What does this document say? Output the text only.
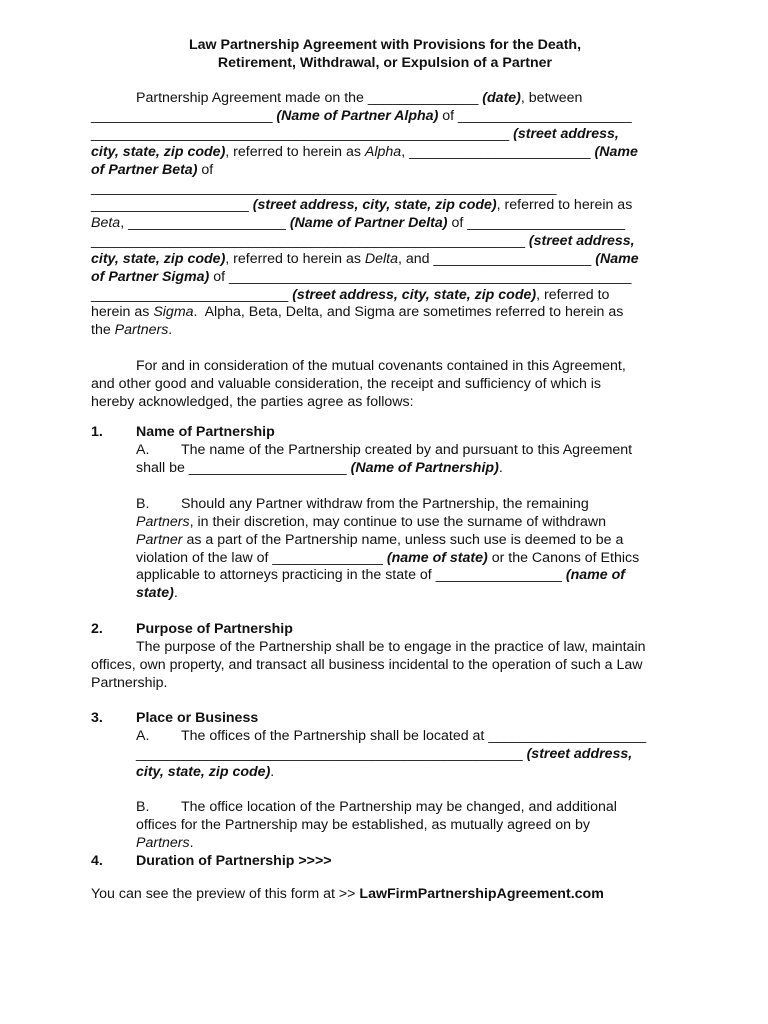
Law Partnership Agreement with Provisions for the Death,
Retirement, Withdrawal, or Expulsion of a Partner
Partnership Agreement made on the ______________ (date), between
_______________________ (Name of Partner Alpha) of ______________________
_____________________________________________________ (street address,
city, state, zip code), referred to herein as Alpha, _______________________ (Name
of Partner Beta) of
___________________________________________________________
____________________ (street address, city, state, zip code), referred to herein as
Beta, ____________________ (Name of Partner Delta) of ____________________
_______________________________________________________ (street address,
city, state, zip code), referred to herein as Delta, and ____________________ (Name
of Partner Sigma) of ___________________________________________________
_________________________ (street address, city, state, zip code), referred to
herein as Sigma.  Alpha, Beta, Delta, and Sigma are sometimes referred to herein as
the Partners.
For and in consideration of the mutual covenants contained in this Agreement,
and other good and valuable consideration, the receipt and sufficiency of which is
hereby acknowledged, the parties agree as follows:
1. Name of Partnership
A. The name of the Partnership created by and pursuant to this Agreement
shall be ____________________ (Name of Partnership).
B. Should any Partner withdraw from the Partnership, the remaining
Partners, in their discretion, may continue to use the surname of withdrawn
Partner as a part of the Partnership name, unless such use is deemed to be a
violation of the law of ______________ (name of state) or the Canons of Ethics
applicable to attorneys practicing in the state of ________________ (name of
state).
2. Purpose of Partnership
The purpose of the Partnership shall be to engage in the practice of law, maintain
offices, own property, and transact all business incidental to the operation of such a Law
Partnership.
3. Place or Business
A. The offices of the Partnership shall be located at ____________________
_________________________________________________ (street address,
city, state, zip code).
B. The office location of the Partnership may be changed, and additional
offices for the Partnership may be established, as mutually agreed on by
Partners.
4. Duration of Partnership >>>>
You can see the preview of this form at >> LawFirmPartnershipAgreement.com
